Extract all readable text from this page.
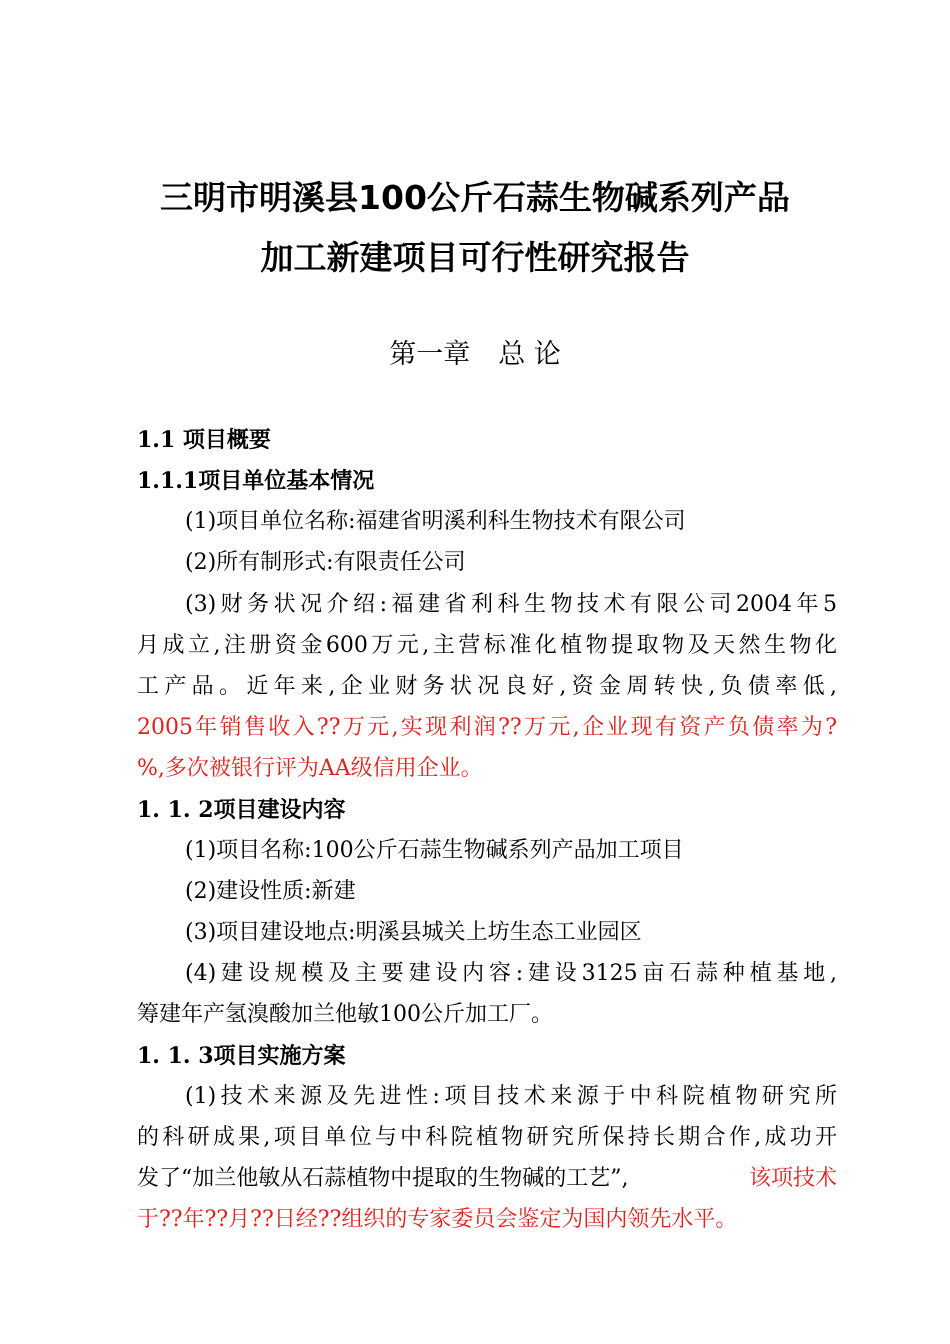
三明市明溪县100公斤石蒜生物碱系列产品
加工新建项目可行性研究报告
第一章 总 论
1.1 项目概要
1.1.1项目单位基本情况
(1)项目单位名称:福建省明溪利科生物技术有限公司
(2)所有制形式:有限责任公司
(3)财务状况介绍:福建省利科生物技术有限公司2004年5
月成立,注册资金600万元,主营标准化植物提取物及天然生物化
工产品。近年来,企业财务状况良好,资金周转快,负债率低,
2005年销售收入??万元,实现利润??万元,企业现有资产负债率为?
%,多次被银行评为AA级信用企业。
1. 1. 2项目建设内容
(1)项目名称:100公斤石蒜生物碱系列产品加工项目
(2)建设性质:新建
(3)项目建设地点:明溪县城关上坊生态工业园区
(4)建设规模及主要建设内容:建设3125亩石蒜种植基地,
筹建年产氢溴酸加兰他敏100公斤加工厂。
1. 1. 3项目实施方案
(1)技术来源及先进性:项目技术来源于中科院植物研究所
的科研成果,项目单位与中科院植物研究所保持长期合作,成功开
发了“加兰他敏从石蒜植物中提取的生物碱的工艺”,	该项技术
于??年??月??日经??组织的专家委员会鉴定为国内领先水平。
